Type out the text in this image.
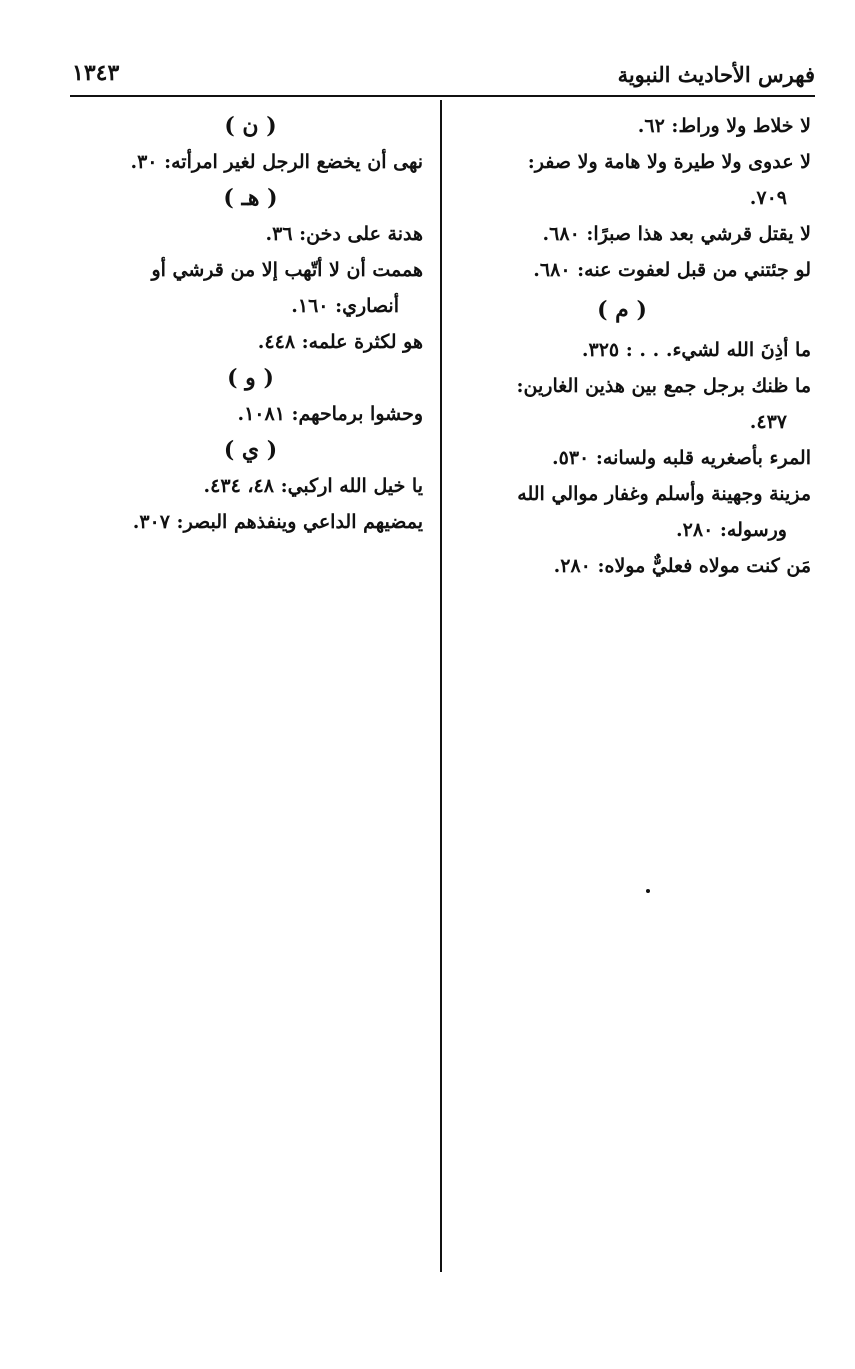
فهرس الأحاديث النبوية
١٣٤٣

لا خلاط ولا وراط: ٦٢.

لا عدوى ولا طيرة ولا هامة ولا صفر:

٧٠٩.

لا يقتل قرشي بعد هذا صبرًا: ٦٨٠.

لو جئتني من قبل لعفوت عنه: ٦٨٠.

( م )

ما أذِنَ الله لشيء. . . : ٣٢٥.

ما ظنك برجل جمع بين هذين الغارين:

٤٣٧.

المرء بأصغريه قلبه ولسانه: ٥٣٠.

مزينة وجهينة وأسلم وغفار موالي الله

ورسوله: ٢٨٠.

مَن كنت مولاه فعليٌّ مولاه: ٢٨٠.

( ن )

نهى أن يخضع الرجل لغير امرأته: ٣٠.

( هـ )

هدنة على دخن: ٣٦.

هممت أن لا أتّهب إلا من قرشي أو

أنصاري: ١٦٠.

هو لكثرة علمه: ٤٤٨.

( و )

وحشوا برماحهم: ١٠٨١.

( ي )

يا خيل الله اركبي: ٤٨، ٤٣٤.

يمضيهم الداعي وينفذهم البصر: ٣٠٧.
